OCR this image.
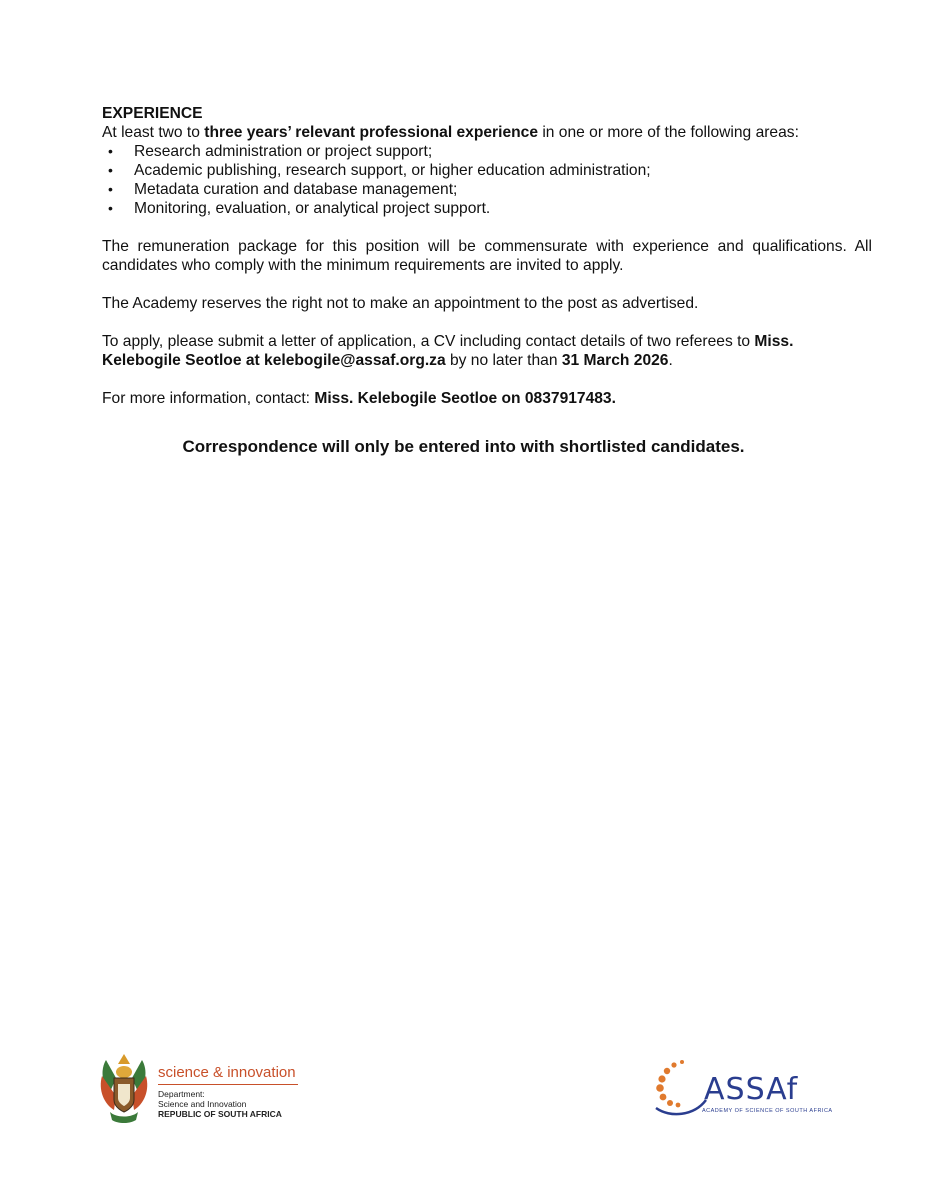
EXPERIENCE

At least two to three years’ relevant professional experience in one or more of the following areas:

• Research administration or project support;
• Academic publishing, research support, or higher education administration;
• Metadata curation and database management;
• Monitoring, evaluation, or analytical project support.

The remuneration package for this position will be commensurate with experience and qualifications. All candidates who comply with the minimum requirements are invited to apply.

The Academy reserves the right not to make an appointment to the post as advertised.

To apply, please submit a letter of application, a CV including contact details of two referees to Miss. Kelebogile Seotloe at kelebogile@assaf.org.za by no later than 31 March 2026.

For more information, contact: Miss. Kelebogile Seotloe on 0837917483.

Correspondence will only be entered into with shortlisted candidates.
science & innovation
Department:
Science and Innovation
REPUBLIC OF SOUTH AFRICA
ASSAf
ACADEMY OF SCIENCE OF SOUTH AFRICA
